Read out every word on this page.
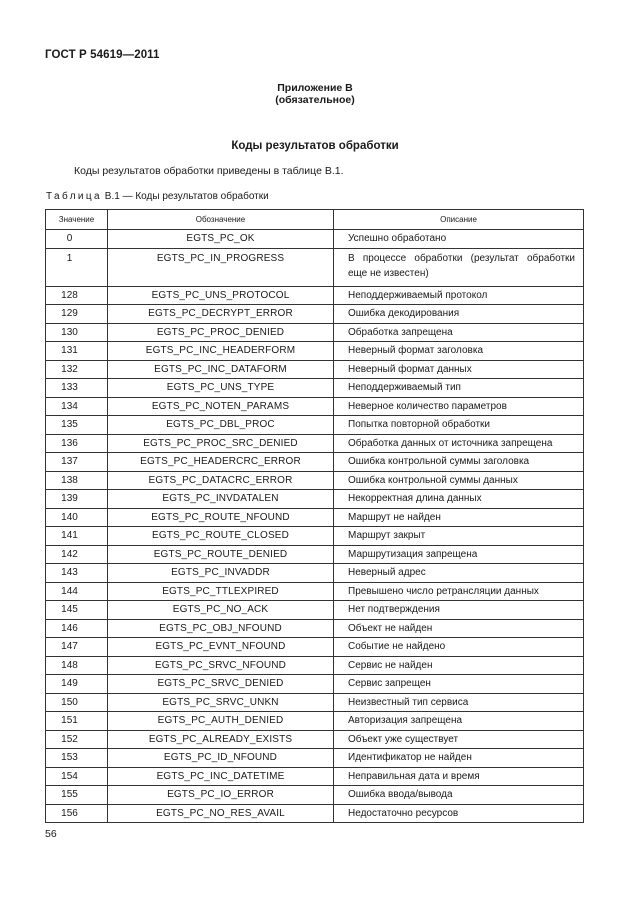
ГОСТ Р 54619—2011
Приложение В
(обязательное)
Коды результатов обработки
Коды результатов обработки приведены в таблице В.1.
Таблица В.1 — Коды результатов обработки
Значение	Обозначение	Описание
0	EGTS_PC_OK	Успешно обработано
1	EGTS_PC_IN_PROGRESS	В процессе обработки (результат обработки еще не известен)
128	EGTS_PC_UNS_PROTOCOL	Неподдерживаемый протокол
129	EGTS_PC_DECRYPT_ERROR	Ошибка декодирования
130	EGTS_PC_PROC_DENIED	Обработка запрещена
131	EGTS_PC_INC_HEADERFORM	Неверный формат заголовка
132	EGTS_PC_INC_DATAFORM	Неверный формат данных
133	EGTS_PC_UNS_TYPE	Неподдерживаемый тип
134	EGTS_PC_NOTEN_PARAMS	Неверное количество параметров
135	EGTS_PC_DBL_PROC	Попытка повторной обработки
136	EGTS_PC_PROC_SRC_DENIED	Обработка данных от источника запрещена
137	EGTS_PC_HEADERCRC_ERROR	Ошибка контрольной суммы заголовка
138	EGTS_PC_DATACRC_ERROR	Ошибка контрольной суммы данных
139	EGTS_PC_INVDATALEN	Некорректная длина данных
140	EGTS_PC_ROUTE_NFOUND	Маршрут не найден
141	EGTS_PC_ROUTE_CLOSED	Маршрут закрыт
142	EGTS_PC_ROUTE_DENIED	Маршрутизация запрещена
143	EGTS_PC_INVADDR	Неверный адрес
144	EGTS_PC_TTLEXPIRED	Превышено число ретрансляции данных
145	EGTS_PC_NO_ACK	Нет подтверждения
146	EGTS_PC_OBJ_NFOUND	Объект не найден
147	EGTS_PC_EVNT_NFOUND	Событие не найдено
148	EGTS_PC_SRVC_NFOUND	Сервис не найден
149	EGTS_PC_SRVC_DENIED	Сервис запрещен
150	EGTS_PC_SRVC_UNKN	Неизвестный тип сервиса
151	EGTS_PC_AUTH_DENIED	Авторизация запрещена
152	EGTS_PC_ALREADY_EXISTS	Объект уже существует
153	EGTS_PC_ID_NFOUND	Идентификатор не найден
154	EGTS_PC_INC_DATETIME	Неправильная дата и время
155	EGTS_PC_IO_ERROR	Ошибка ввода/вывода
156	EGTS_PC_NO_RES_AVAIL	Недостаточно ресурсов
56
